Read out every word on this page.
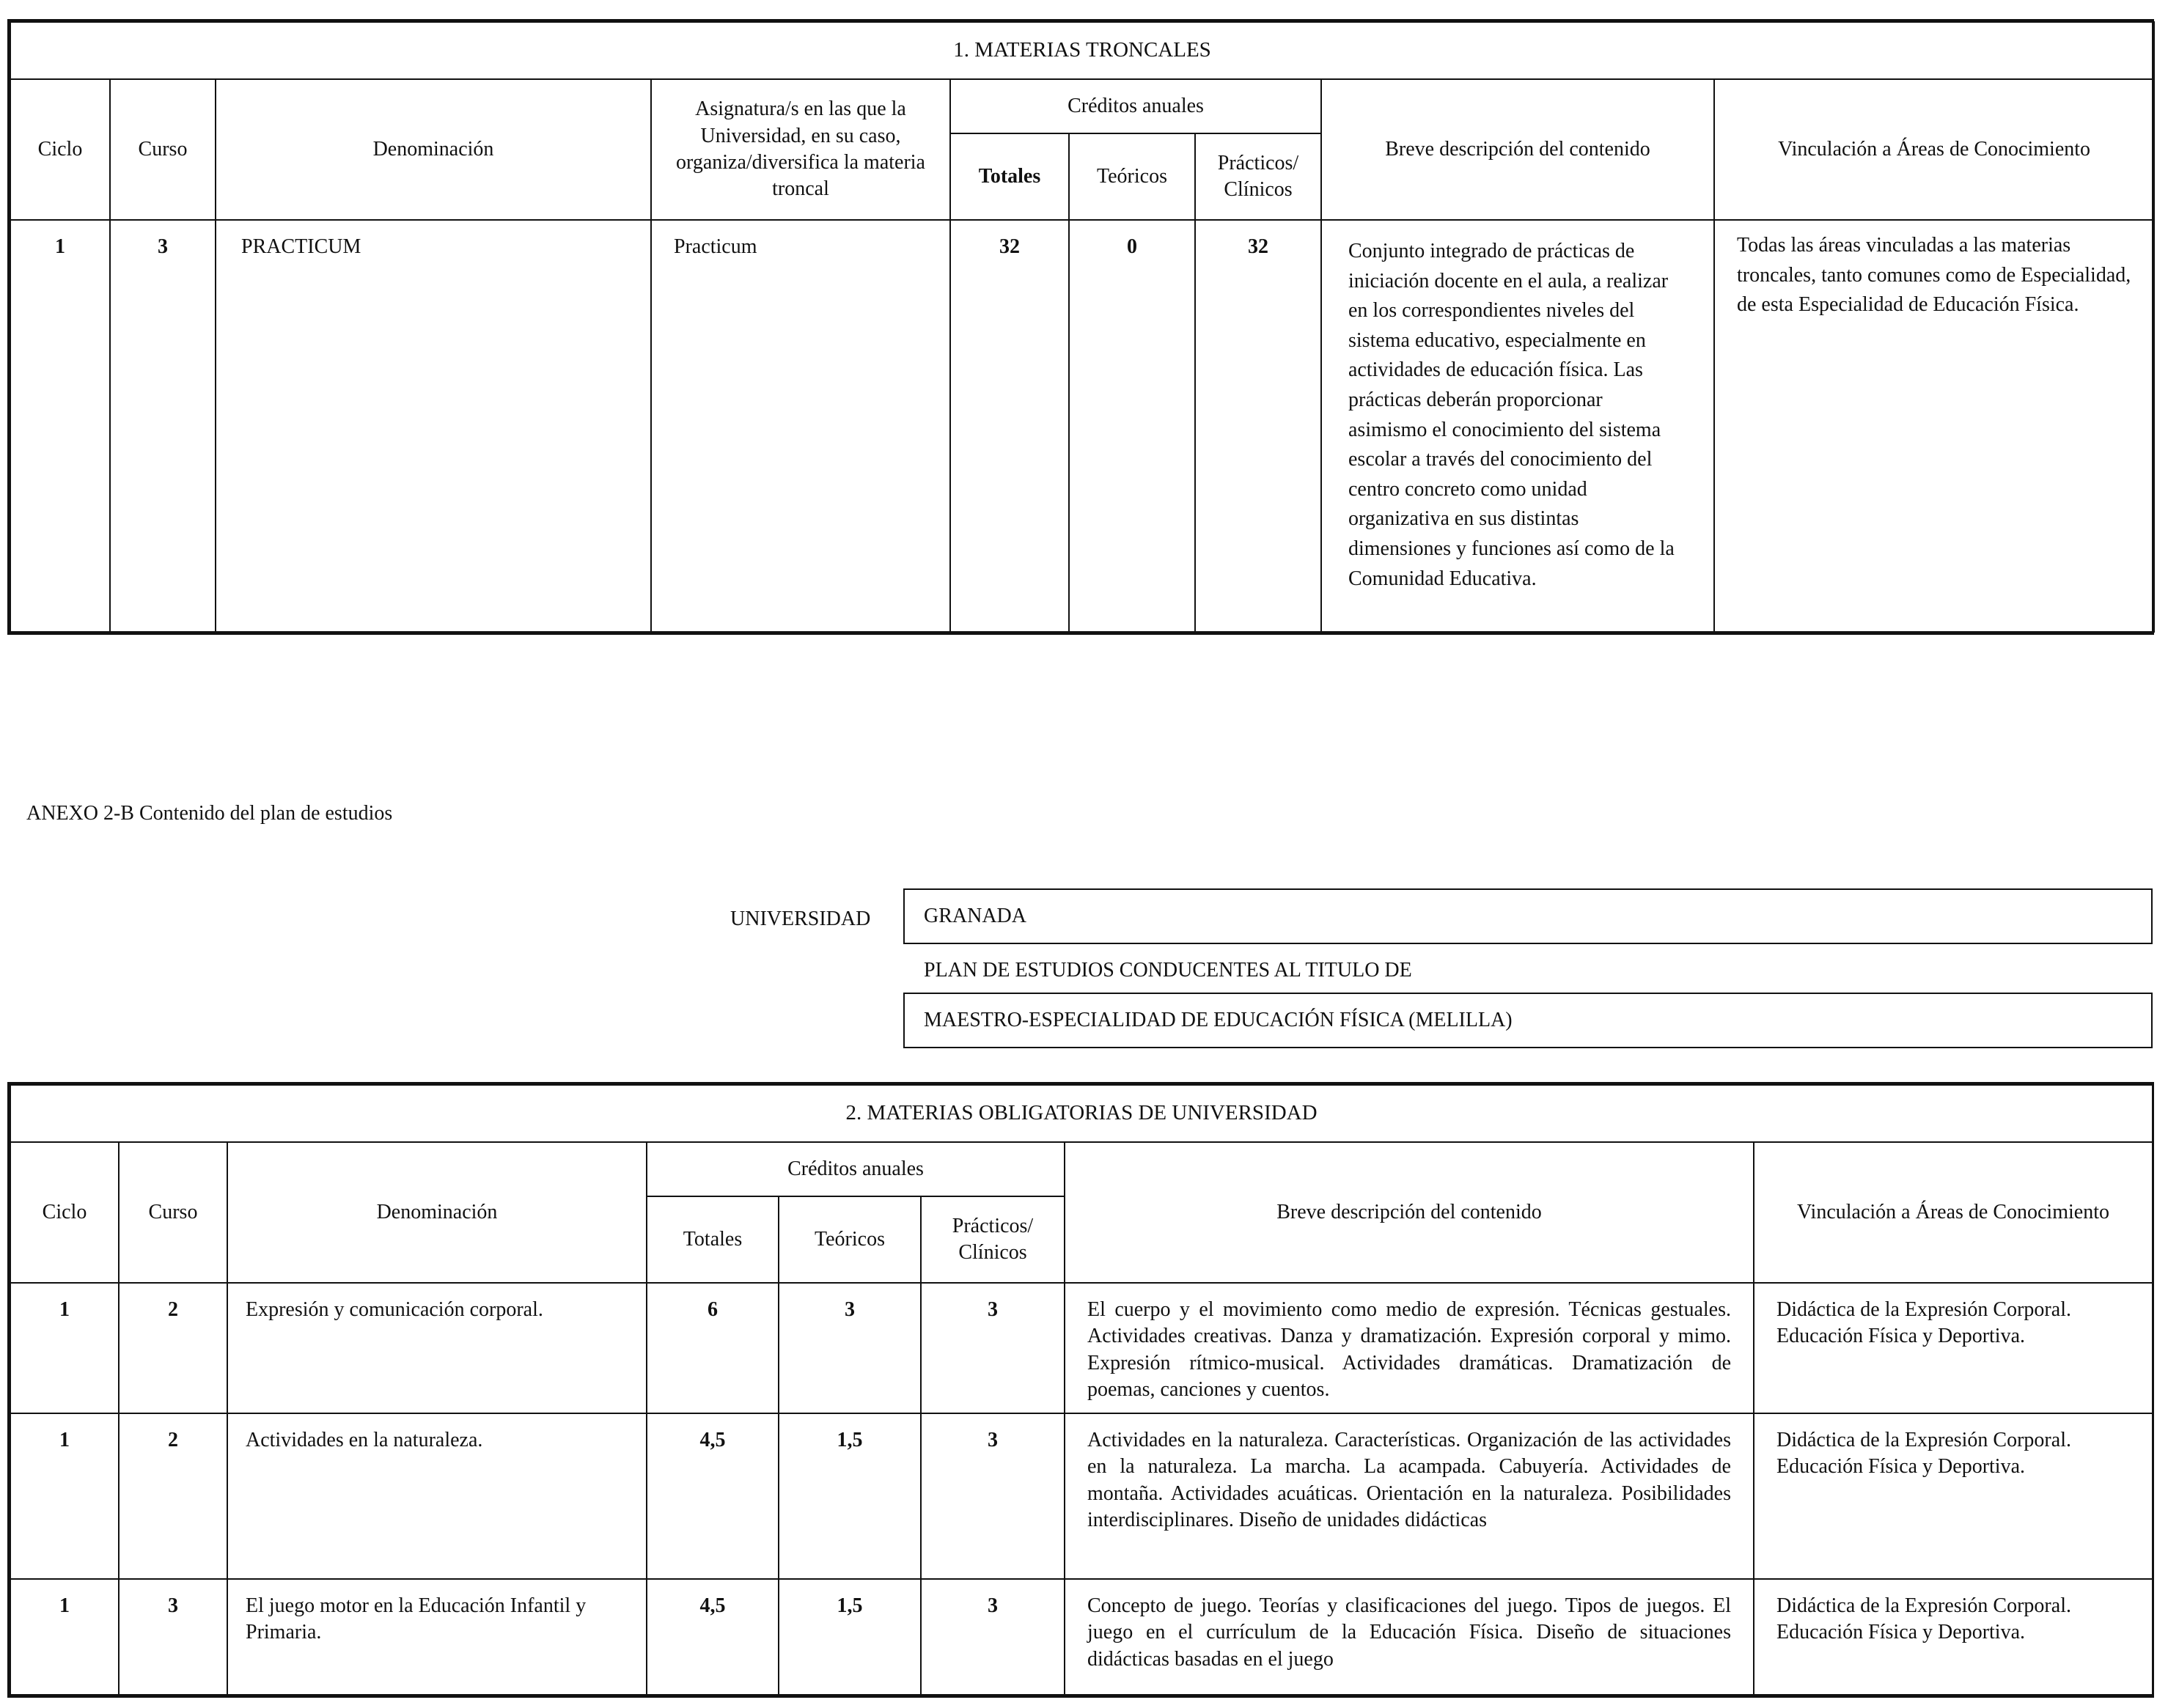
1. MATERIAS TRONCALES								
Ciclo	Curso	Denominación	Asignatura/s en las que la Universidad, en su caso, organiza/diversifica la materia troncal	Créditos anuales			Breve descripción del contenido	Vinculación a Áreas de Conocimiento
				Totales	Teóricos	Prácticos/ Clínicos		
1	3	PRACTICUM	Practicum	32	0	32	Conjunto integrado de prácticas de iniciación docente en el aula, a realizar en los correspondientes niveles del sistema educativo, especialmente en actividades de educación física. Las prácticas deberán proporcionar asimismo el conocimiento del sistema escolar a través del conocimiento del centro concreto como unidad organizativa en sus distintas dimensiones y funciones así como de la Comunidad Educativa.	Todas las áreas vinculadas a las materias troncales, tanto comunes como de Especialidad, de esta Especialidad de Educación Física.
ANEXO 2-B Contenido del plan de estudios
UNIVERSIDAD	GRANADA
PLAN DE ESTUDIOS CONDUCENTES AL TITULO DE
MAESTRO-ESPECIALIDAD DE EDUCACIÓN FÍSICA (MELILLA)
2. MATERIAS OBLIGATORIAS DE UNIVERSIDAD							
Ciclo	Curso	Denominación	Créditos anuales			Breve descripción del contenido	Vinculación a Áreas de Conocimiento
			Totales	Teóricos	Prácticos/ Clínicos		
1	2	Expresión y comunicación corporal.	6	3	3	El cuerpo y el movimiento como medio de expresión. Técnicas gestuales. Actividades creativas. Danza y dramatización. Expresión corporal y mimo. Expresión rítmico-musical. Actividades dramáticas. Dramatización de poemas, canciones y cuentos.	Didáctica de la Expresión Corporal. Educación Física y Deportiva.
1	2	Actividades en la naturaleza.	4,5	1,5	3	Actividades en la naturaleza. Características. Organización de las actividades en la naturaleza. La marcha. La acampada. Cabuyería. Actividades de montaña. Actividades acuáticas. Orientación en la naturaleza. Posibilidades interdisciplinares. Diseño de unidades didácticas	Didáctica de la Expresión Corporal. Educación Física y Deportiva.
1	3	El juego motor en la Educación Infantil y Primaria.	4,5	1,5	3	Concepto de juego. Teorías y clasificaciones del juego. Tipos de juegos. El juego en el currículum de la Educación Física. Diseño de situaciones didácticas basadas en el juego	Didáctica de la Expresión Corporal. Educación Física y Deportiva.
